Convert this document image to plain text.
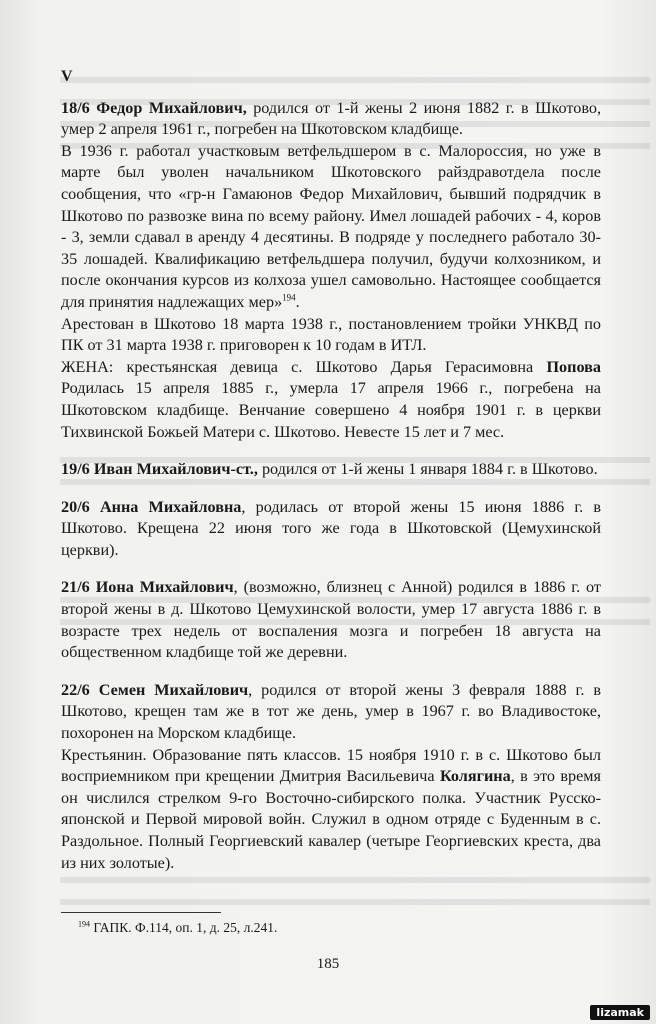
V

18/6 Федор Михайлович, родился от 1-й жены 2 июня 1882 г. в Шкотово, умер 2 апреля 1961 г., погребен на Шкотовском кладбище.

В 1936 г. работал участковым ветфельдшером в с. Малороссия, но уже в марте был уволен начальником Шкотовского райздравотдела после сообщения, что «гр-н Гамаюнов Федор Михайлович, бывший подрядчик в Шкотово по развозке вина по всему району. Имел лошадей рабочих - 4, коров - 3, земли сдавал в аренду 4 десятины. В подряде у последнего работало 30-35 лошадей. Квалификацию ветфельдшера получил, будучи колхозником, и после окончания курсов из колхоза ушел самовольно. Настоящее сообщается для принятия надлежащих мер»$^{194}$.

Арестован в Шкотово 18 марта 1938 г., постановлением тройки УНКВД по ПК от 31 марта 1938 г. приговорен к 10 годам в ИТЛ.

ЖЕНА: крестьянская девица с. Шкотово Дарья Герасимовна Попова Родилась 15 апреля 1885 г., умерла 17 апреля 1966 г., погребена на Шкотовском кладбище. Венчание совершено 4 ноября 1901 г. в церкви Тихвинской Божьей Матери с. Шкотово. Невесте 15 лет и 7 мес.

19/6 Иван Михайлович-ст., родился от 1-й жены 1 января 1884 г. в Шкотово.

20/6 Анна Михайловна, родилась от второй жены 15 июня 1886 г. в Шкотово. Крещена 22 июня того же года в Шкотовской (Цемухинской церкви).

21/6 Иона Михайлович, (возможно, близнец с Анной) родился в 1886 г. от второй жены в д. Шкотово Цемухинской волости, умер 17 августа 1886 г. в возрасте трех недель от воспаления мозга и погребен 18 августа на общественном кладбище той же деревни.

22/6 Семен Михайлович, родился от второй жены 3 февраля 1888 г. в Шкотово, крещен там же в тот же день, умер в 1967 г. во Владивостоке, похоронен на Морском кладбище.

Крестьянин. Образование пять классов. 15 ноября 1910 г. в с. Шкотово был восприемником при крещении Дмитрия Васильевича Колягина, в это время он числился стрелком 9-го Восточно-сибирского полка. Участник Русско-японской и Первой мировой войн. Служил в одном отряде с Буденным в с. Раздольное. Полный Георгиевский кавалер (четыре Георгиевских креста, два из них золотые).

$^{194}$ ГАПК. Ф.114, оп. 1, д. 25, л.241.
185
lizamak
